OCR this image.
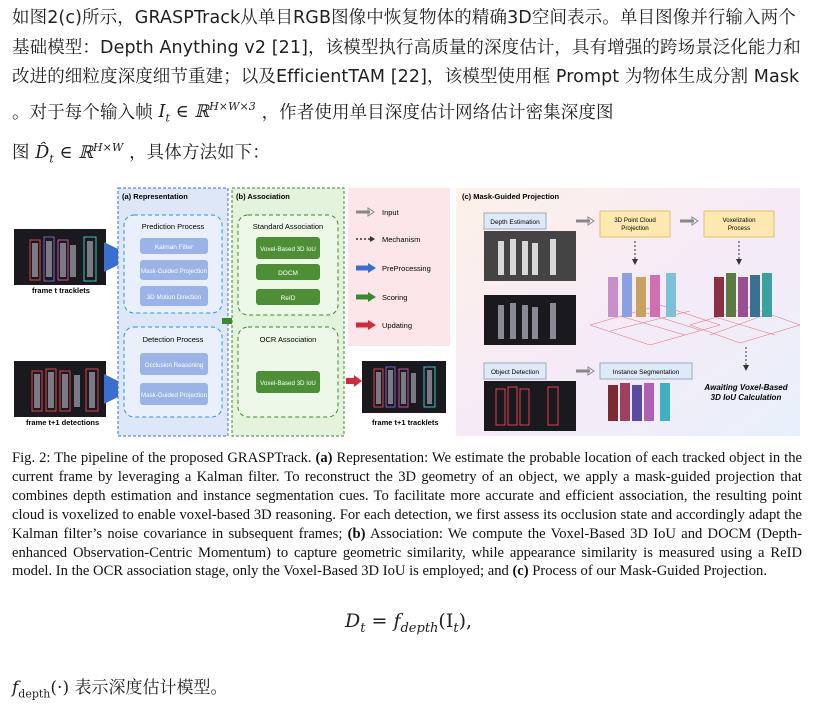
如图2(c)所示，GRASPTrack从单目RGB图像中恢复物体的精确3D空间表示。单目图像并行输入两个基础模型：Depth Anything v2 [21]，该模型执行高质量的深度估计，具有增强的跨场景泛化能力和改进的细粒度深度细节重建；以及EfficientTAM [22]，该模型使用框 Prompt 为物体生成分割 Mask 。对于每个输入帧 $I_t$ ∈ ℝ$^{H\times W\times 3}$ ，作者使用单目深度估计网络估计密集深度图
图 $D̂_t$ ∈ ℝ$^{H\times W}$ ，具体方法如下：

frame t tracklets
frame t+1 detections
(a) Representation
Prediction Process
Kalman Filter
Mask-Guided Projection
3D Motion Direction
Detection Process
Occlusion Reasoning
Mask-Guided Projection
(b) Association
Standard Association
Voxel-Based 3D IoU
DOCM
ReID
OCR Association
Voxel-Based 3D IoU
Input
Mechanism
PreProcessing
Scoring
Updating
frame t+1 tracklets
(c) Mask-Guided Projection
Depth Estimation
Object Detection
3D Point Cloud Projection
Voxelization Process
Instance Segmentation
Awaiting Voxel-Based 3D IoU Calculation
Fig. 2: The pipeline of the proposed GRASPTrack. (a) Representation: We estimate the probable location of each tracked object in the current frame by leveraging a Kalman filter. To reconstruct the 3D geometry of an object, we apply a mask-guided projection that combines depth estimation and instance segmentation cues. To facilitate more accurate and efficient association, the resulting point cloud is voxelized to enable voxel-based 3D reasoning. For each detection, we first assess its occlusion state and accordingly adapt the Kalman filter’s noise covariance in subsequent frames; (b) Association: We compute the Voxel-Based 3D IoU and DOCM (Depth-enhanced Observation-Centric Momentum) to capture geometric similarity, while appearance similarity is measured using a ReID model. In the OCR association stage, only the Voxel-Based 3D IoU is employed; and (c) Process of our Mask-Guided Projection.
$D_t = f_{depth}(I_t)$,
$f_{depth}(\cdot)$ 表示深度估计模型。
